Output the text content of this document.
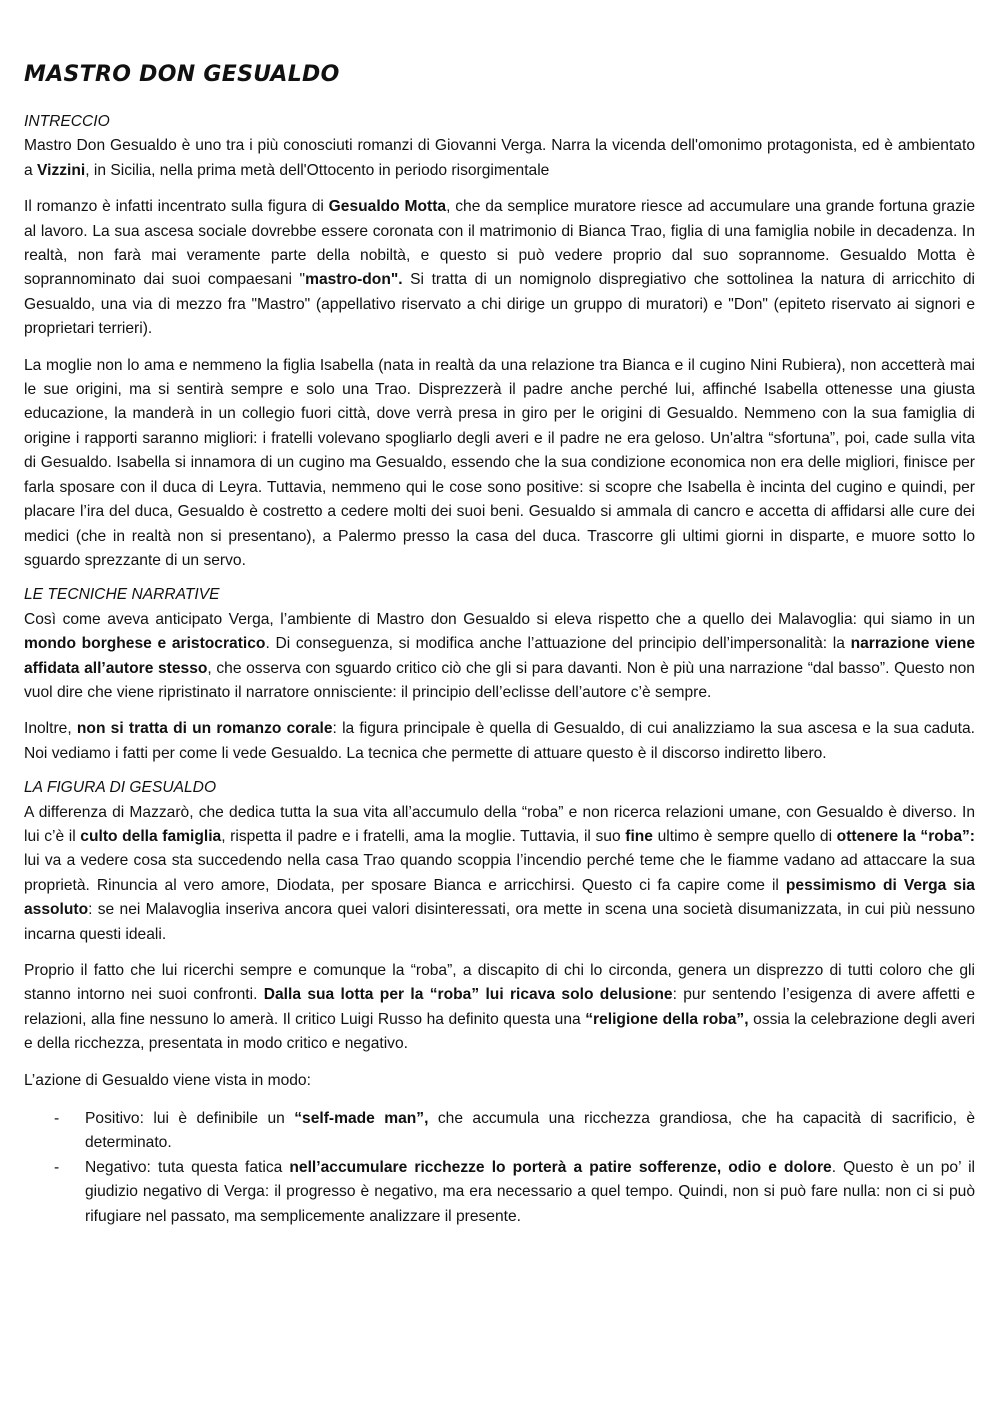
MASTRO DON GESUALDO
INTRECCIO

Mastro Don Gesualdo è uno tra i più conosciuti romanzi di Giovanni Verga. Narra la vicenda dell'omonimo protagonista, ed è ambientato a Vizzini, in Sicilia, nella prima metà dell'Ottocento in periodo risorgimentale

Il romanzo è infatti incentrato sulla figura di Gesualdo Motta, che da semplice muratore riesce ad accumulare una grande fortuna grazie al lavoro. La sua ascesa sociale dovrebbe essere coronata con il matrimonio di Bianca Trao, figlia di una famiglia nobile in decadenza. In realtà, non farà mai veramente parte della nobiltà, e questo si può vedere proprio dal suo soprannome. Gesualdo Motta è soprannominato dai suoi compaesani "mastro-don". Si tratta di un nomignolo dispregiativo che sottolinea la natura di arricchito di Gesualdo, una via di mezzo fra "Mastro" (appellativo riservato a chi dirige un gruppo di muratori) e "Don" (epiteto riservato ai signori e proprietari terrieri).

La moglie non lo ama e nemmeno la figlia Isabella (nata in realtà da una relazione tra Bianca e il cugino Nini Rubiera), non accetterà mai le sue origini, ma si sentirà sempre e solo una Trao. Disprezzerà il padre anche perché lui, affinché Isabella ottenesse una giusta educazione, la manderà in un collegio fuori città, dove verrà presa in giro per le origini di Gesualdo. Nemmeno con la sua famiglia di origine i rapporti saranno migliori: i fratelli volevano spogliarlo degli averi e il padre ne era geloso. Un'altra “sfortuna”, poi, cade sulla vita di Gesualdo. Isabella si innamora di un cugino ma Gesualdo, essendo che la sua condizione economica non era delle migliori, finisce per farla sposare con il duca di Leyra. Tuttavia, nemmeno qui le cose sono positive: si scopre che Isabella è incinta del cugino e quindi, per placare l’ira del duca, Gesualdo è costretto a cedere molti dei suoi beni. Gesualdo si ammala di cancro e accetta di affidarsi alle cure dei medici (che in realtà non si presentano), a Palermo presso la casa del duca. Trascorre gli ultimi giorni in disparte, e muore sotto lo sguardo sprezzante di un servo.

LE TECNICHE NARRATIVE

Così come aveva anticipato Verga, l’ambiente di Mastro don Gesualdo si eleva rispetto che a quello dei Malavoglia: qui siamo in un mondo borghese e aristocratico. Di conseguenza, si modifica anche l’attuazione del principio dell’impersonalità: la narrazione viene affidata all’autore stesso, che osserva con sguardo critico ciò che gli si para davanti. Non è più una narrazione “dal basso”. Questo non vuol dire che viene ripristinato il narratore onnisciente: il principio dell’eclisse dell’autore c’è sempre.

Inoltre, non si tratta di un romanzo corale: la figura principale è quella di Gesualdo, di cui analizziamo la sua ascesa e la sua caduta. Noi vediamo i fatti per come li vede Gesualdo. La tecnica che permette di attuare questo è il discorso indiretto libero.

LA FIGURA DI GESUALDO

A differenza di Mazzarò, che dedica tutta la sua vita all’accumulo della “roba” e non ricerca relazioni umane, con Gesualdo è diverso. In lui c’è il culto della famiglia, rispetta il padre e i fratelli, ama la moglie. Tuttavia, il suo fine ultimo è sempre quello di ottenere la “roba”: lui va a vedere cosa sta succedendo nella casa Trao quando scoppia l’incendio perché teme che le fiamme vadano ad attaccare la sua proprietà. Rinuncia al vero amore, Diodata, per sposare Bianca e arricchirsi. Questo ci fa capire come il pessimismo di Verga sia assoluto: se nei Malavoglia inseriva ancora quei valori disinteressati, ora mette in scena una società disumanizzata, in cui più nessuno incarna questi ideali.

Proprio il fatto che lui ricerchi sempre e comunque la “roba”, a discapito di chi lo circonda, genera un disprezzo di tutti coloro che gli stanno intorno nei suoi confronti. Dalla sua lotta per la “roba” lui ricava solo delusione: pur sentendo l’esigenza di avere affetti e relazioni, alla fine nessuno lo amerà. Il critico Luigi Russo ha definito questa una “religione della roba”, ossia la celebrazione degli averi e della ricchezza, presentata in modo critico e negativo.

L’azione di Gesualdo viene vista in modo:

- Positivo: lui è definibile un “self-made man”, che accumula una ricchezza grandiosa, che ha capacità di sacrificio, è determinato.
- Negativo: tuta questa fatica nell’accumulare ricchezze lo porterà a patire sofferenze, odio e dolore. Questo è un po’ il giudizio negativo di Verga: il progresso è negativo, ma era necessario a quel tempo. Quindi, non si può fare nulla: non ci si può rifugiare nel passato, ma semplicemente analizzare il presente.
